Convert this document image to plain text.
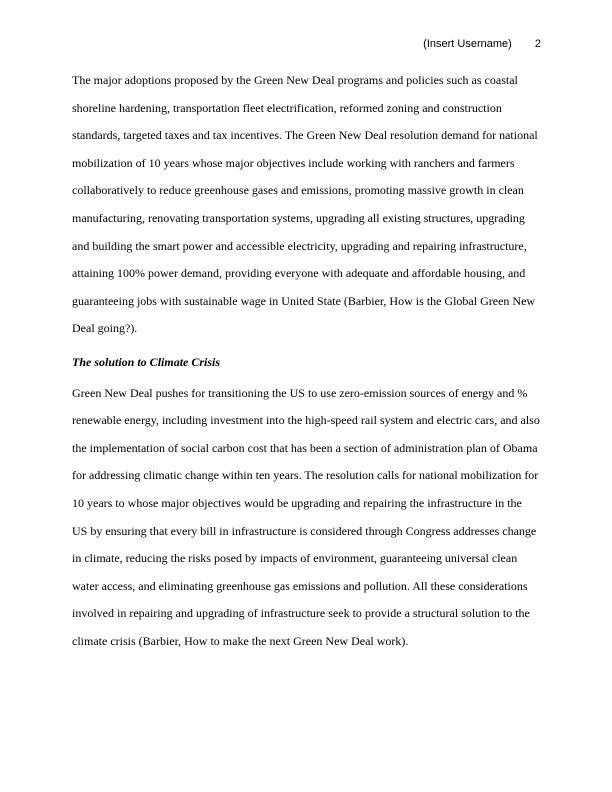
(Insert Username) 2

The major adoptions proposed by the Green New Deal programs and policies such as coastal shoreline hardening, transportation fleet electrification, reformed zoning and construction standards, targeted taxes and tax incentives. The Green New Deal resolution demand for national mobilization of 10 years whose major objectives include working with ranchers and farmers collaboratively to reduce greenhouse gases and emissions, promoting massive growth in clean manufacturing, renovating transportation systems, upgrading all existing structures, upgrading and building the smart power and accessible electricity, upgrading and repairing infrastructure, attaining 100% power demand, providing everyone with adequate and affordable housing, and guaranteeing jobs with sustainable wage in United State (Barbier, How is the Global Green New Deal going?).

The solution to Climate Crisis

Green New Deal pushes for transitioning the US to use zero-emission sources of energy and % renewable energy, including investment into the high-speed rail system and electric cars, and also the implementation of social carbon cost that has been a section of administration plan of Obama for addressing climatic change within ten years. The resolution calls for national mobilization for 10 years to whose major objectives would be upgrading and repairing the infrastructure in the US by ensuring that every bill in infrastructure is considered through Congress addresses change in climate, reducing the risks posed by impacts of environment, guaranteeing universal clean water access, and eliminating greenhouse gas emissions and pollution. All these considerations involved in repairing and upgrading of infrastructure seek to provide a structural solution to the climate crisis (Barbier, How to make the next Green New Deal work).
